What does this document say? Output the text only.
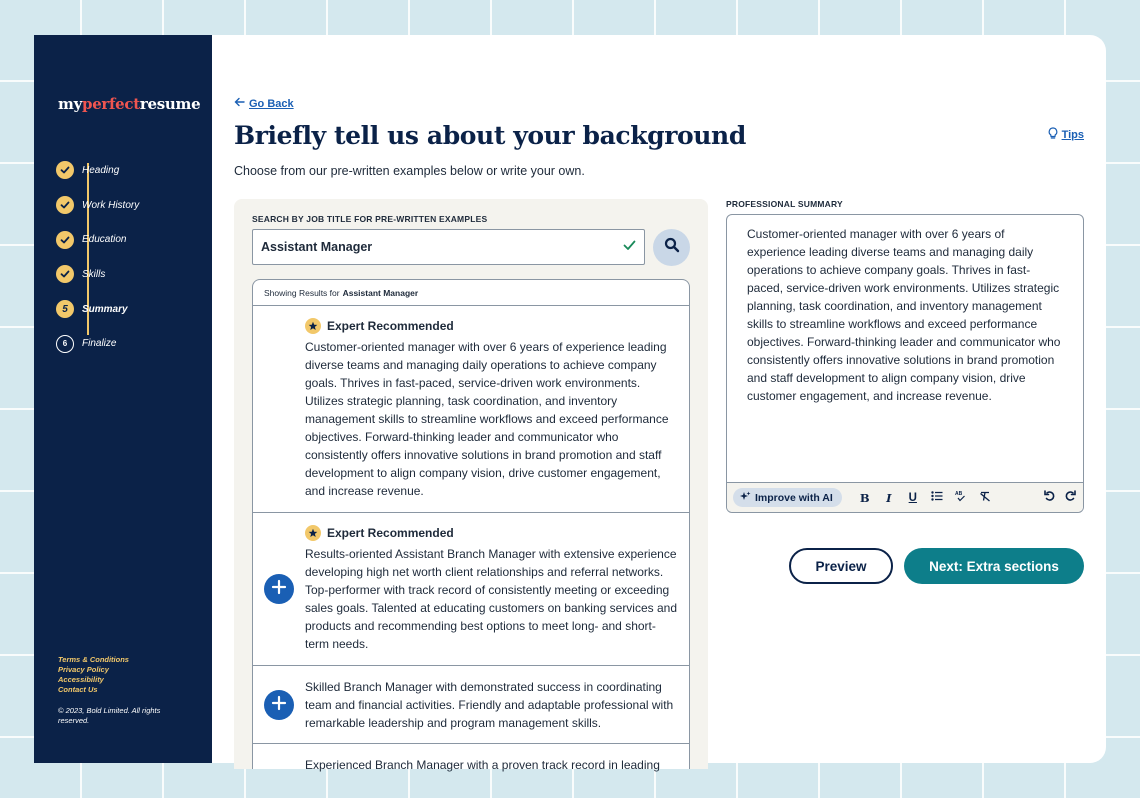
myperfectresume
Heading
Work History
Education
Skills
5	Summary
6	Finalize
Terms & Conditions
Privacy Policy
Accessibility
Contact Us
© 2023, Bold Limited. All rights reserved.
Go Back
Briefly tell us about your background
Choose from our pre-written examples below or write your own.
Tips
SEARCH BY JOB TITLE FOR PRE-WRITTEN EXAMPLES
Assistant Manager
Showing Results for Assistant Manager
Expert Recommended
Customer-oriented manager with over 6 years of experience leading diverse teams and managing daily operations to achieve company goals. Thrives in fast-paced, service-driven work environments. Utilizes strategic planning, task coordination, and inventory management skills to streamline workflows and exceed performance objectives. Forward-thinking leader and communicator who consistently offers innovative solutions in brand promotion and staff development to align company vision, drive customer engagement, and increase revenue.
Expert Recommended
Results-oriented Assistant Branch Manager with extensive experience developing high net worth client relationships and referral networks. Top-performer with track record of consistently meeting or exceeding sales goals. Talented at educating customers on banking services and products and recommending best options to meet long- and short-term needs.
Skilled Branch Manager with demonstrated success in coordinating team and financial activities. Friendly and adaptable professional with remarkable leadership and program management skills.
Experienced Branch Manager with a proven track record in leading
PROFESSIONAL SUMMARY
Customer-oriented manager with over 6 years of experience leading diverse teams and managing daily operations to achieve company goals. Thrives in fast-paced, service-driven work environments. Utilizes strategic planning, task coordination, and inventory management skills to streamline workflows and exceed performance objectives. Forward-thinking leader and communicator who consistently offers innovative solutions in brand promotion and staff development to align company vision, drive customer engagement, and increase revenue.
Improve with AI B	I	U	AB
Preview	Next: Extra sections
